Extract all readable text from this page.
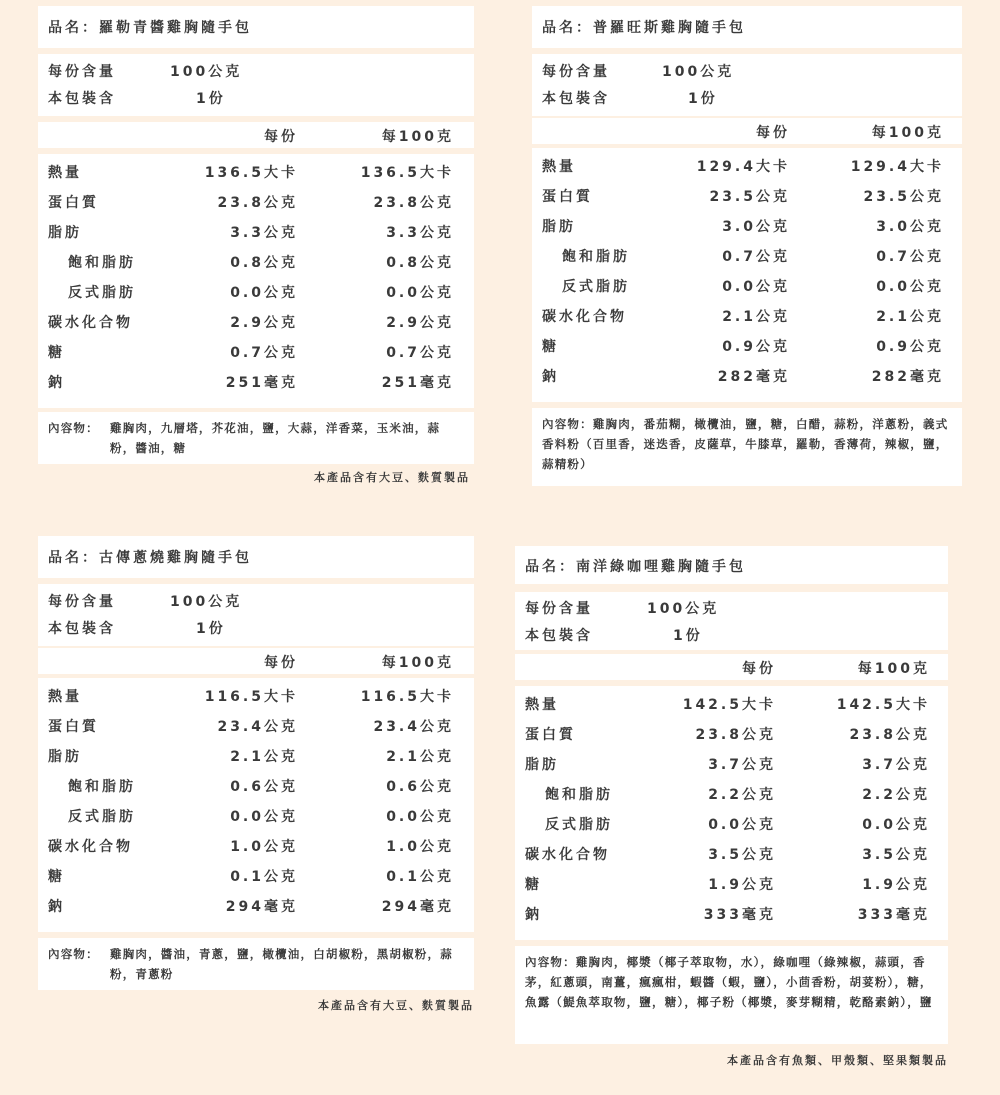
品名：羅勒青醬雞胸隨手包
每份含量	100公克
本包裝含	1份
每份	每100克
熱量	136.5大卡	136.5大卡
蛋白質	23.8公克	23.8公克
脂肪	3.3公克	3.3公克
飽和脂肪	0.8公克	0.8公克
反式脂肪	0.0公克	0.0公克
碳水化合物	2.9公克	2.9公克
糖	0.7公克	0.7公克
鈉	251毫克	251毫克
內容物： 雞胸肉，九層塔，芥花油，鹽，大蒜，洋香菜，玉米油，蒜粉，醬油，糖
本產品含有大豆、麩質製品
品名：普羅旺斯雞胸隨手包
每份含量	100公克
本包裝含	1份
每份	每100克
熱量	129.4大卡	129.4大卡
蛋白質	23.5公克	23.5公克
脂肪	3.0公克	3.0公克
飽和脂肪	0.7公克	0.7公克
反式脂肪	0.0公克	0.0公克
碳水化合物	2.1公克	2.1公克
糖	0.9公克	0.9公克
鈉	282毫克	282毫克
內容物：雞胸肉，番茄糊，橄欖油，鹽，糖，白醋，蒜粉，洋蔥粉，義式香料粉（百里香，迷迭香，皮薩草，牛膝草，羅勒，香薄荷，辣椒，鹽，蒜精粉）
品名：古傳蔥燒雞胸隨手包
每份含量	100公克
本包裝含	1份
每份	每100克
熱量	116.5大卡	116.5大卡
蛋白質	23.4公克	23.4公克
脂肪	2.1公克	2.1公克
飽和脂肪	0.6公克	0.6公克
反式脂肪	0.0公克	0.0公克
碳水化合物	1.0公克	1.0公克
糖	0.1公克	0.1公克
鈉	294毫克	294毫克
內容物： 雞胸肉，醬油，青蔥，鹽，橄欖油，白胡椒粉，黑胡椒粉，蒜粉，青蔥粉
本產品含有大豆、麩質製品
品名：南洋綠咖哩雞胸隨手包
每份含量	100公克
本包裝含	1份
每份	每100克
熱量	142.5大卡	142.5大卡
蛋白質	23.8公克	23.8公克
脂肪	3.7公克	3.7公克
飽和脂肪	2.2公克	2.2公克
反式脂肪	0.0公克	0.0公克
碳水化合物	3.5公克	3.5公克
糖	1.9公克	1.9公克
鈉	333毫克	333毫克
內容物：雞胸肉，椰漿（椰子萃取物，水），綠咖哩（綠辣椒，蒜頭，香茅，紅蔥頭，南薑，瘋瘋柑，蝦醬（蝦，鹽），小茴香粉，胡荽粉），糖，魚露（鯷魚萃取物，鹽，糖），椰子粉（椰漿，麥芽糊精，乾酪素鈉），鹽
本產品含有魚類、甲殼類、堅果類製品
